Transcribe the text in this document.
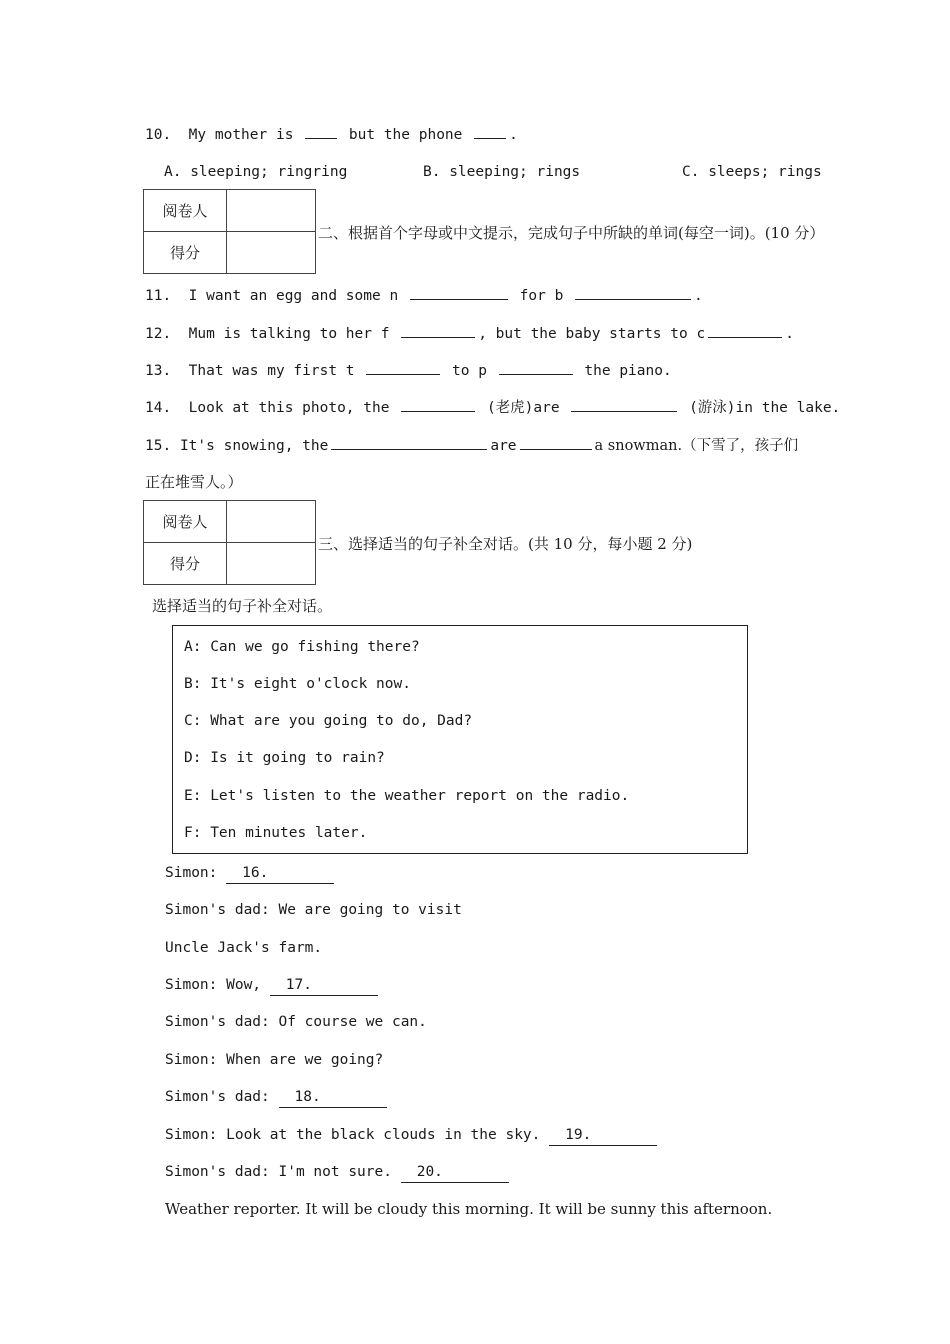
10. My mother is	but the phone	.
A. sleeping; ringring	B. sleeping; rings	C. sleeps; rings
阅卷人	
得分	
二、根据首个字母或中文提示，完成句子中所缺的单词(每空一词)。(10 分）
11. I want an egg and some n	for b	.
12. Mum is talking to her f	, but the baby starts to c	.
13. That was my first t	to p	the piano.
14. Look at this photo, the	(老虎)are	(游泳)in the lake.
15. It's snowing, the	are	a snowman.（下雪了，孩子们
正在堆雪人。）
阅卷人	
得分	
三、选择适当的句子补全对话。(共 10 分，每小题 2 分)
选择适当的句子补全对话。
A: Can we go fishing there?
B: It's eight o'clock now.
C: What are you going to do, Dad?
D: Is it going to rain?
E: Let's listen to the weather report on the radio.
F: Ten minutes later.
Simon: 16.
Simon's dad: We are going to visit
Uncle Jack's farm.
Simon: Wow, 17.
Simon's dad: Of course we can.
Simon: When are we going?
Simon's dad: 18.
Simon: Look at the black clouds in the sky. 19.
Simon's dad: I'm not sure. 20.
Weather reporter. It will be cloudy this morning. It will be sunny this afternoon.
